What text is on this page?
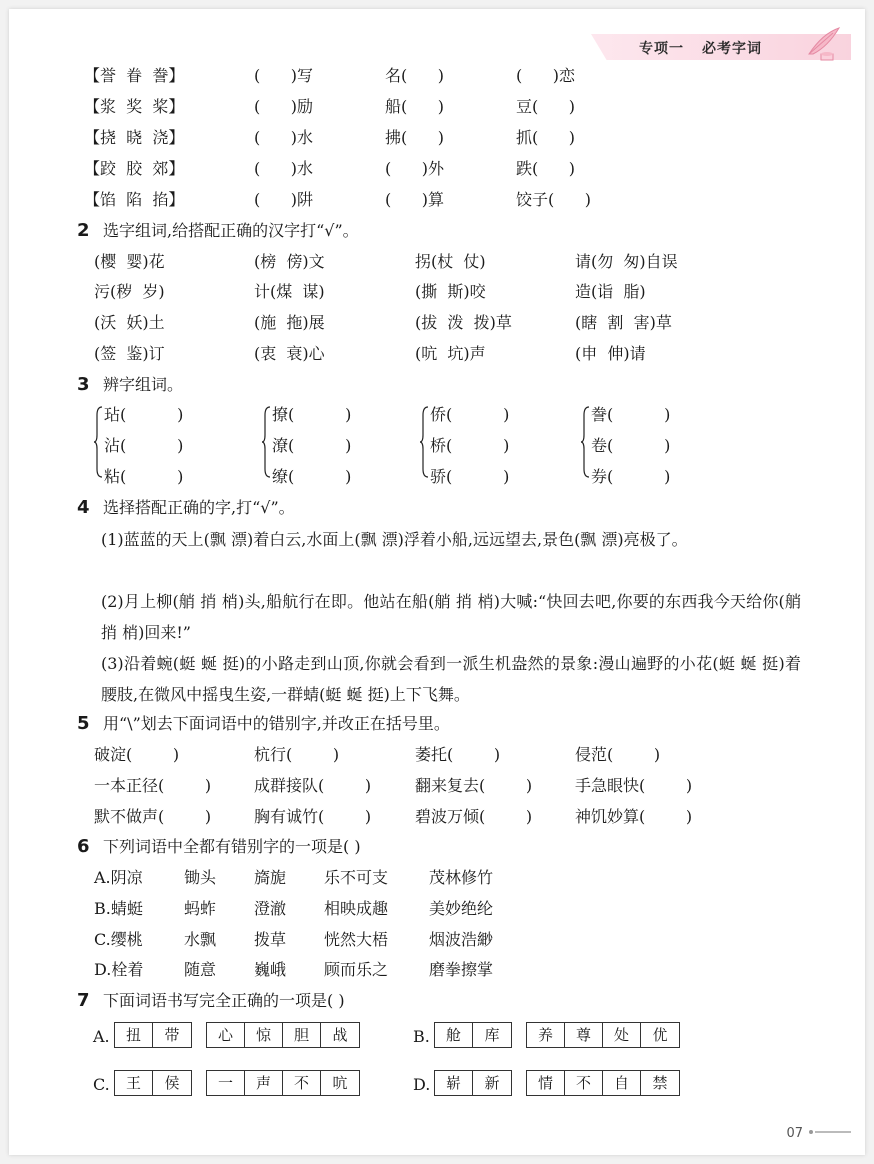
专项一 必考字词
【誉  眷  誊】	(      )写	名(      )	(      )恋
【浆  奖  桨】	(      )励	船(      )	豆(      )
【挠  晓  浇】	(      )水	拂(      )	抓(      )
【跤  胶  郊】	(      )水	(      )外	跌(      )
【馅  陷  掐】	(      )阱	(      )算	饺子(      )
2 选字组词,给搭配正确的汉字打“√”。
(樱  婴)花	(榜  傍)文	拐(杖  仗)	请(勿  匆)自误
污(秽  岁)	计(煤  谋)	(撕  斯)咬	造(诣  脂)
(沃  妖)土	(施  拖)展	(拔  泼  拨)草	(瞎  割  害)草
(签  鉴)订	(衷  衰)心	(吭  坑)声	(申  伸)请
3 辨字组词。
玷(          )	撩(          )	侨(          )	誊(          )
沾(          )	潦(          )	桥(          )	卷(          )
粘(          )	缭(          )	骄(          )	券(          )
4 选择搭配正确的字,打“√”。
(1)蓝蓝的天上(飘 漂)着白云,水面上(飘 漂)浮着小船,远远望去,景色(飘 漂)亮极了。
(2)月上柳(艄 捎 梢)头,船航行在即。他站在船(艄 捎 梢)大喊:“快回去吧,你要的东西我今天给你(艄 捎 梢)回来!”
(3)沿着蜿(蜓 蜒 挺)的小路走到山顶,你就会看到一派生机盎然的景象:漫山遍野的小花(蜓 蜒 挺)着腰肢,在微风中摇曳生姿,一群蜻(蜓 蜒 挺)上下飞舞。
5 用“\”划去下面词语中的错别字,并改正在括号里。
破淀(        )	杭行(        )	萎托(        )	侵范(        )
一本正径(        )	成群接队(        )	翻来复去(        )	手急眼快(        )
默不做声(        )	胸有诚竹(        )	碧波万倾(        )	神饥妙算(        )
6 下列词语中全都有错别字的一项是( )
A.阴凉	锄头 旖旎 乐不可支	茂林修竹
B.蜻蜓	蚂蚱 澄澈 相映成趣	美妙绝纶
C.缨桃	水飘 拨草 恍然大梧	烟波浩緲
D.栓着	随意 巍峨 顾而乐之	磨拳擦掌
7 下面词语书写完全正确的一项是( )
A.	扭	带	心	惊	胆	战	B.	舱	库	养	尊	处	优
C.	王	侯	一	声	不	吭	D.	崭	新	情	不	自	禁
07
